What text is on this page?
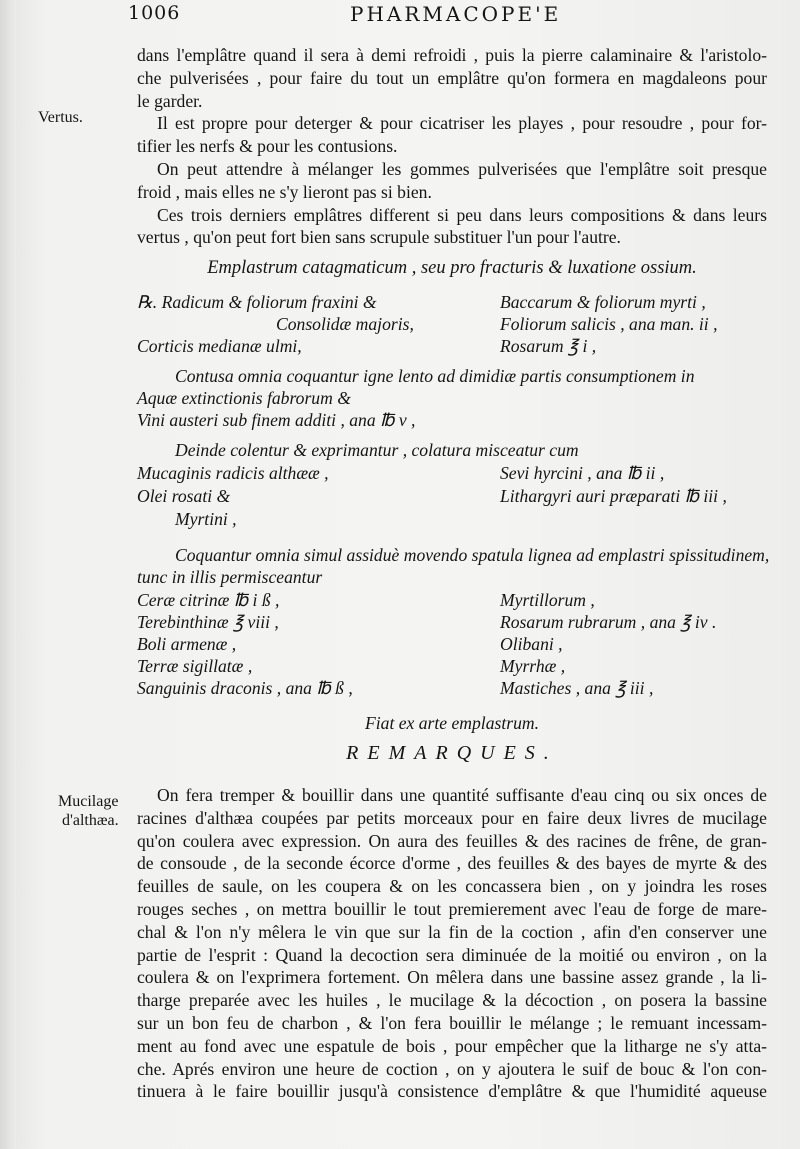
1006	PHARMACOPE'E
Vertus.
dans l'emplâtre quand il sera à demi refroidi , puis la pierre calaminaire & l'aristolo-
che pulverisées , pour faire du tout un emplâtre qu'on formera en magdaleons pour
le garder.
Il est propre pour deterger & pour cicatriser les playes , pour resoudre , pour for-
tifier les nerfs & pour les contusions.
On peut attendre à mélanger les gommes pulverisées que l'emplâtre soit presque
froid , mais elles ne s'y lieront pas si bien.
Ces trois derniers emplâtres different si peu dans leurs compositions & dans leurs
vertus , qu'on peut fort bien sans scrupule substituer l'un pour l'autre.
Emplastrum catagmaticum , seu pro fracturis & luxatione ossium.
℞. Radicum & foliorum fraxini &
Consolidæ majoris,
Corticis medianæ ulmi,
Baccarum & foliorum myrti ,
Foliorum salicis , ana man. ii ,
Rosarum ℥ i ,
Contusa omnia coquantur igne lento ad dimidiæ partis consumptionem in
Aquæ extinctionis fabrorum &
Vini austeri sub finem additi , ana ℔ v ,
Deinde colentur & exprimantur , colatura misceatur cum
Mucaginis radicis althææ ,
Olei rosati &
Myrtini ,
Sevi hyrcini , ana ℔ ii ,
Lithargyri auri præparati ℔ iii ,
Coquantur omnia simul assiduè movendo spatula lignea ad emplastri spissitudinem,
tunc in illis permisceantur
Ceræ citrinæ ℔ i ß ,
Terebinthinæ ℥ viii ,
Boli armenæ ,
Terræ sigillatæ ,
Sanguinis draconis , ana ℔ ß ,
Myrtillorum ,
Rosarum rubrarum , ana ℥ iv .
Olibani ,
Myrrhæ ,
Mastiches , ana ℥ iii ,
Fiat ex arte emplastrum.
REMARQUES.
Mucilage
d'althæa.
On fera tremper & bouillir dans une quantité suffisante d'eau cinq ou six onces de
racines d'althæa coupées par petits morceaux pour en faire deux livres de mucilage
qu'on coulera avec expression. On aura des feuilles & des racines de frêne, de gran-
de consoude , de la seconde écorce d'orme , des feuilles & des bayes de myrte & des
feuilles de saule, on les coupera & on les concassera bien , on y joindra les roses
rouges seches , on mettra bouillir le tout premierement avec l'eau de forge de mare-
chal & l'on n'y mêlera le vin que sur la fin de la coction , afin d'en conserver une
partie de l'esprit : Quand la decoction sera diminuée de la moitié ou environ , on la
coulera & on l'exprimera fortement. On mêlera dans une bassine assez grande , la li-
tharge preparée avec les huiles , le mucilage & la décoction , on posera la bassine
sur un bon feu de charbon , & l'on fera bouillir le mélange ; le remuant incessam-
ment au fond avec une espatule de bois , pour empêcher que la litharge ne s'y atta-
che. Aprés environ une heure de coction , on y ajoutera le suif de bouc & l'on con-
tinuera à le faire bouillir jusqu'à consistence d'emplâtre & que l'humidité aqueuse
